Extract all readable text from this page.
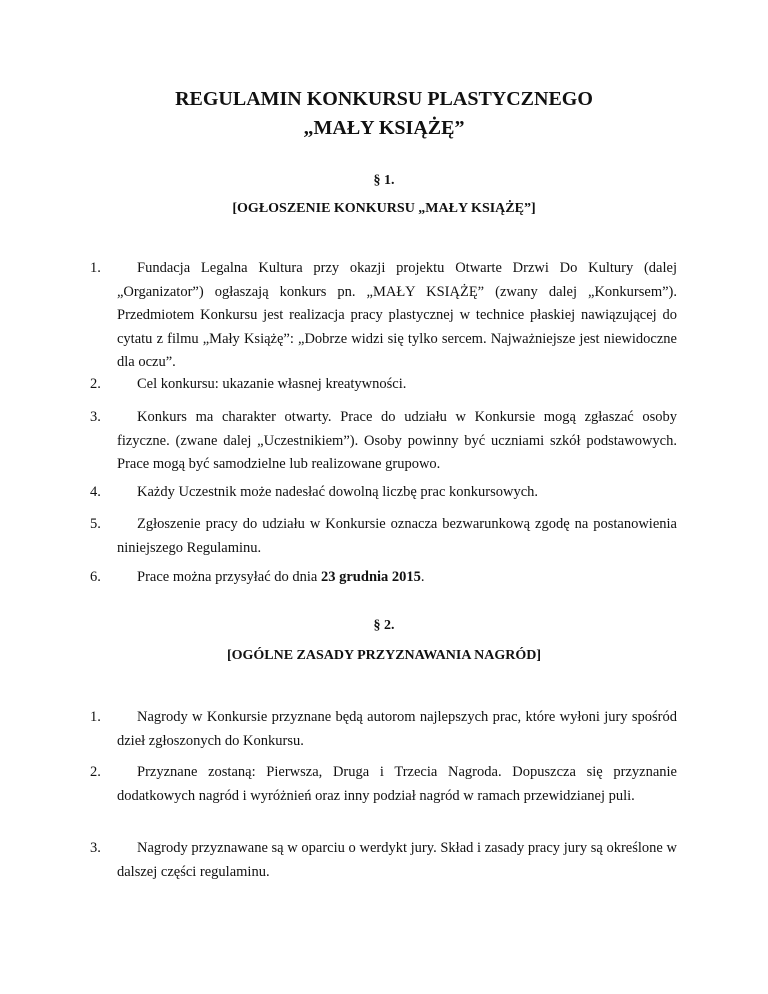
REGULAMIN KONKURSU PLASTYCZNEGO
„MAŁY KSIĄŻĘ”
§ 1.
[OGŁOSZENIE KONKURSU „MAŁY KSIĄŻĘ”]
1.	Fundacja Legalna Kultura przy okazji projektu Otwarte Drzwi Do Kultury (dalej „Organizator”) ogłaszają konkurs pn. „MAŁY KSIĄŻĘ” (zwany dalej „Konkursem”). Przedmiotem Konkursu jest realizacja pracy plastycznej w technice płaskiej nawiązującej do cytatu z filmu „Mały Książę”: „Dobrze widzi się tylko sercem. Najważniejsze jest niewidoczne dla oczu”.
2.	Cel konkursu: ukazanie własnej kreatywności.
3.	Konkurs ma charakter otwarty. Prace do udziału w Konkursie mogą zgłaszać osoby fizyczne. (zwane dalej „Uczestnikiem”). Osoby powinny być uczniami szkół podstawowych. Prace mogą być samodzielne lub realizowane grupowo.
4.	Każdy Uczestnik może nadesłać dowolną liczbę prac konkursowych.
5.	Zgłoszenie pracy do udziału w Konkursie oznacza bezwarunkową zgodę na postanowienia niniejszego Regulaminu.
6.	Prace można przysyłać do dnia 23 grudnia 2015.
§ 2.
[OGÓLNE ZASADY PRZYZNAWANIA NAGRÓD]
1.	Nagrody w Konkursie przyznane będą autorom najlepszych prac, które wyłoni jury spośród dzieł zgłoszonych do Konkursu.
2.	Przyznane zostaną: Pierwsza, Druga i Trzecia Nagroda. Dopuszcza się przyznanie dodatkowych nagród i wyróżnień oraz inny podział nagród w ramach przewidzianej puli.
3.	Nagrody przyznawane są w oparciu o werdykt jury. Skład i zasady pracy jury są określone w dalszej części regulaminu.
